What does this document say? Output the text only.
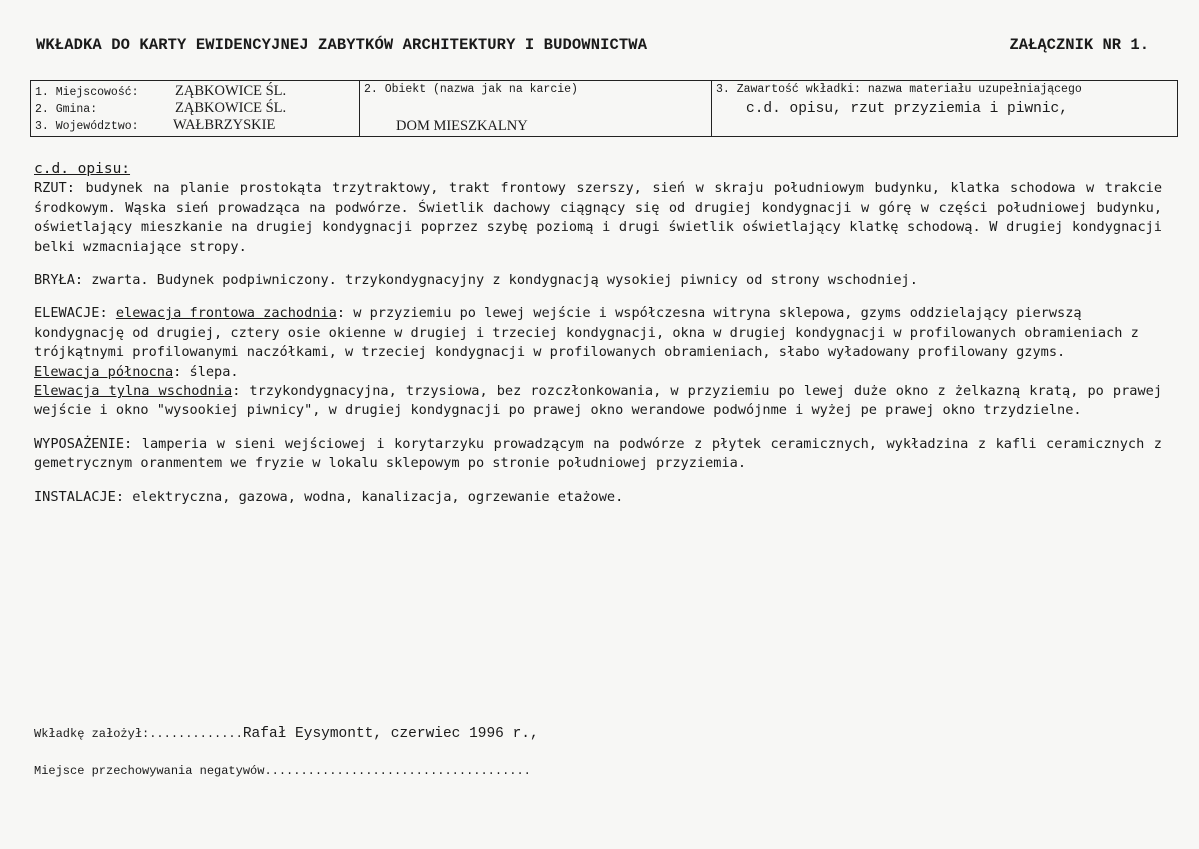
WKŁADKA DO KARTY EWIDENCYJNEJ ZABYTKÓW ARCHITEKTURY I BUDOWNICTWA	ZAŁĄCZNIK NR 1.
1. Miejscowość:	ZĄBKOWICE ŚL.
2. Gmina:	ZĄBKOWICE ŚL.
3. Województwo:	WAŁBRZYSKIE
2. Obiekt (nazwa jak na karcie)
DOM MIESZKALNY
3. Zawartość wkładki: nazwa materiału uzupełniającego
c.d. opisu, rzut przyziemia i piwnic,

c.d. opisu:

RZUT: budynek na planie prostokąta trzytraktowy, trakt frontowy szerszy, sień w skraju południowym budynku, klatka schodowa w trakcie środkowym. Wąska sień prowadząca na podwórze. Świetlik dachowy ciągnący się od drugiej kondygnacji w górę w części południowej budynku, oświetlający mieszkanie na drugiej kondygnacji poprzez szybę poziomą i drugi świetlik oświetlający klatkę schodową. W drugiej kondygnacji belki wzmacniające stropy.

BRYŁA: zwarta. Budynek podpiwniczony. trzykondygnacyjny z kondygnacją wysokiej piwnicy od strony wschodniej.

ELEWACJE: elewacja frontowa zachodnia: w przyziemiu po lewej wejście i współczesna witryna sklepowa, gzyms oddzielający pierwszą kondygnację od drugiej, cztery osie okienne w drugiej i trzeciej kondygnacji, okna w drugiej kondygnacji w profilowanych obramieniach z trójkątnymi profilowanymi naczółkami, w trzeciej kondygnacji w profilowanych obramieniach, słabo wyładowany profilowany gzyms.

Elewacja północna: ślepa.

Elewacja tylna wschodnia: trzykondygnacyjna, trzysiowa, bez rozczłonkowania, w przyziemiu po lewej duże okno z żelkazną kratą, po prawej wejście i okno "wysookiej piwnicy", w drugiej kondygnacji po prawej okno werandowe podwójnme i wyżej pe prawej okno trzydzielne.

WYPOSAŻENIE: lamperia w sieni wejściowej i korytarzyku prowadzącym na podwórze z płytek ceramicznych, wykładzina z kafli ceramicznych z gemetrycznym oranmentem we fryzie w lokalu sklepowym po stronie południowej przyziemia.

INSTALACJE: elektryczna, gazowa, wodna, kanalizacja, ogrzewanie etażowe.

Wkładkę założył:.............Rafał Eysymontt, czerwiec 1996 r.,
Miejsce przechowywania negatywów.....................................
